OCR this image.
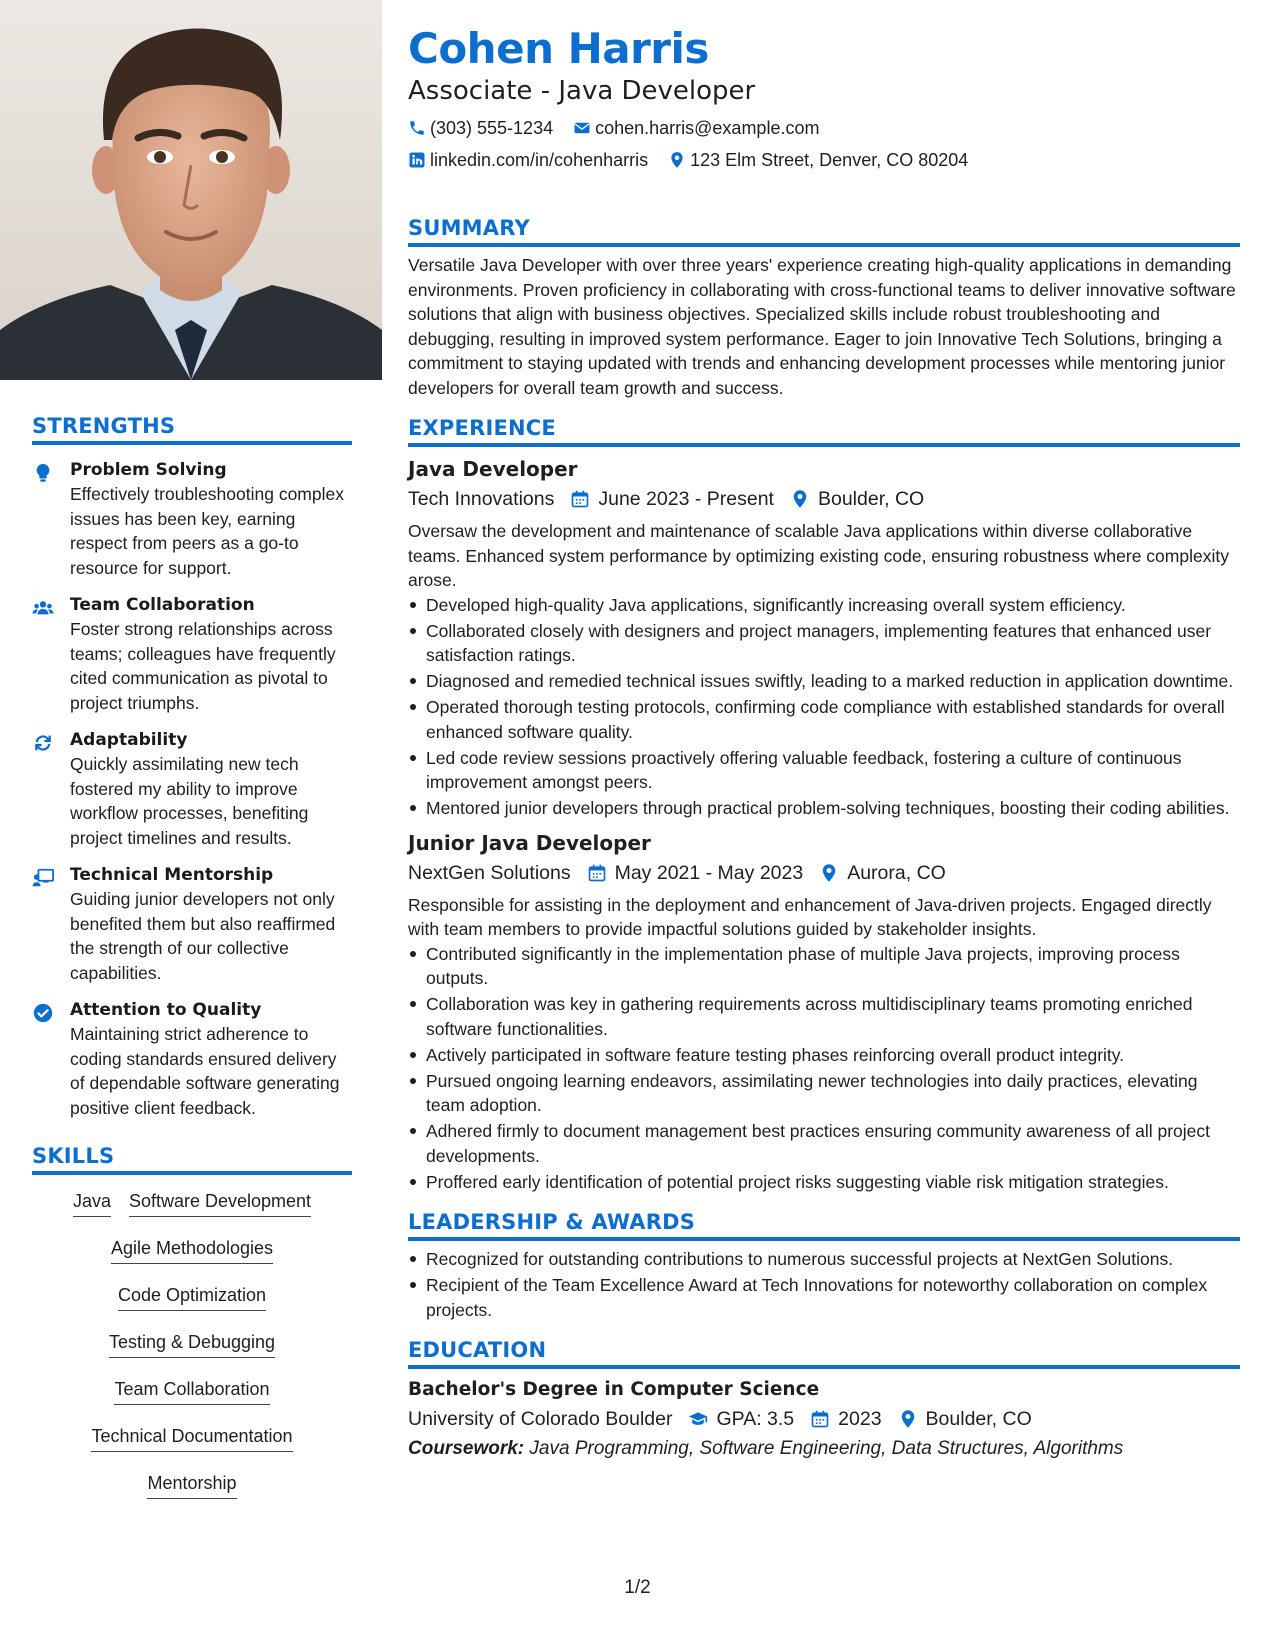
STRENGTHS
Problem Solving
Effectively troubleshooting complex issues has been key, earning respect from peers as a go-to resource for support.
Team Collaboration
Foster strong relationships across teams; colleagues have frequently cited communication as pivotal to project triumphs.
Adaptability
Quickly assimilating new tech fostered my ability to improve workflow processes, benefiting project timelines and results.
Technical Mentorship
Guiding junior developers not only benefited them but also reaffirmed the strength of our collective capabilities.
Attention to Quality
Maintaining strict adherence to coding standards ensured delivery of dependable software generating positive client feedback.
SKILLS
Java Software Development
Agile Methodologies
Code Optimization
Testing & Debugging
Team Collaboration
Technical Documentation
Mentorship
Cohen Harris
Associate - Java Developer
(303) 555-1234 cohen.harris@example.com
linkedin.com/in/cohenharris 123 Elm Street, Denver, CO 80204
SUMMARY
Versatile Java Developer with over three years' experience creating high-quality applications in demanding environments. Proven proficiency in collaborating with cross-functional teams to deliver innovative software solutions that align with business objectives. Specialized skills include robust troubleshooting and debugging, resulting in improved system performance. Eager to join Innovative Tech Solutions, bringing a commitment to staying updated with trends and enhancing development processes while mentoring junior developers for overall team growth and success.
EXPERIENCE
Java Developer
Tech Innovations June 2023 - Present Boulder, CO
Oversaw the development and maintenance of scalable Java applications within diverse collaborative teams. Enhanced system performance by optimizing existing code, ensuring robustness where complexity arose.
Developed high-quality Java applications, significantly increasing overall system efficiency.
Collaborated closely with designers and project managers, implementing features that enhanced user satisfaction ratings.
Diagnosed and remedied technical issues swiftly, leading to a marked reduction in application downtime.
Operated thorough testing protocols, confirming code compliance with established standards for overall enhanced software quality.
Led code review sessions proactively offering valuable feedback, fostering a culture of continuous improvement amongst peers.
Mentored junior developers through practical problem-solving techniques, boosting their coding abilities.
Junior Java Developer
NextGen Solutions May 2021 - May 2023 Aurora, CO
Responsible for assisting in the deployment and enhancement of Java-driven projects. Engaged directly with team members to provide impactful solutions guided by stakeholder insights.
Contributed significantly in the implementation phase of multiple Java projects, improving process outputs.
Collaboration was key in gathering requirements across multidisciplinary teams promoting enriched software functionalities.
Actively participated in software feature testing phases reinforcing overall product integrity.
Pursued ongoing learning endeavors, assimilating newer technologies into daily practices, elevating team adoption.
Adhered firmly to document management best practices ensuring community awareness of all project developments.
Proffered early identification of potential project risks suggesting viable risk mitigation strategies.
LEADERSHIP & AWARDS
Recognized for outstanding contributions to numerous successful projects at NextGen Solutions.
Recipient of the Team Excellence Award at Tech Innovations for noteworthy collaboration on complex projects.
EDUCATION
Bachelor's Degree in Computer Science
University of Colorado Boulder GPA: 3.5 2023 Boulder, CO
Coursework: Java Programming, Software Engineering, Data Structures, Algorithms
1/2
